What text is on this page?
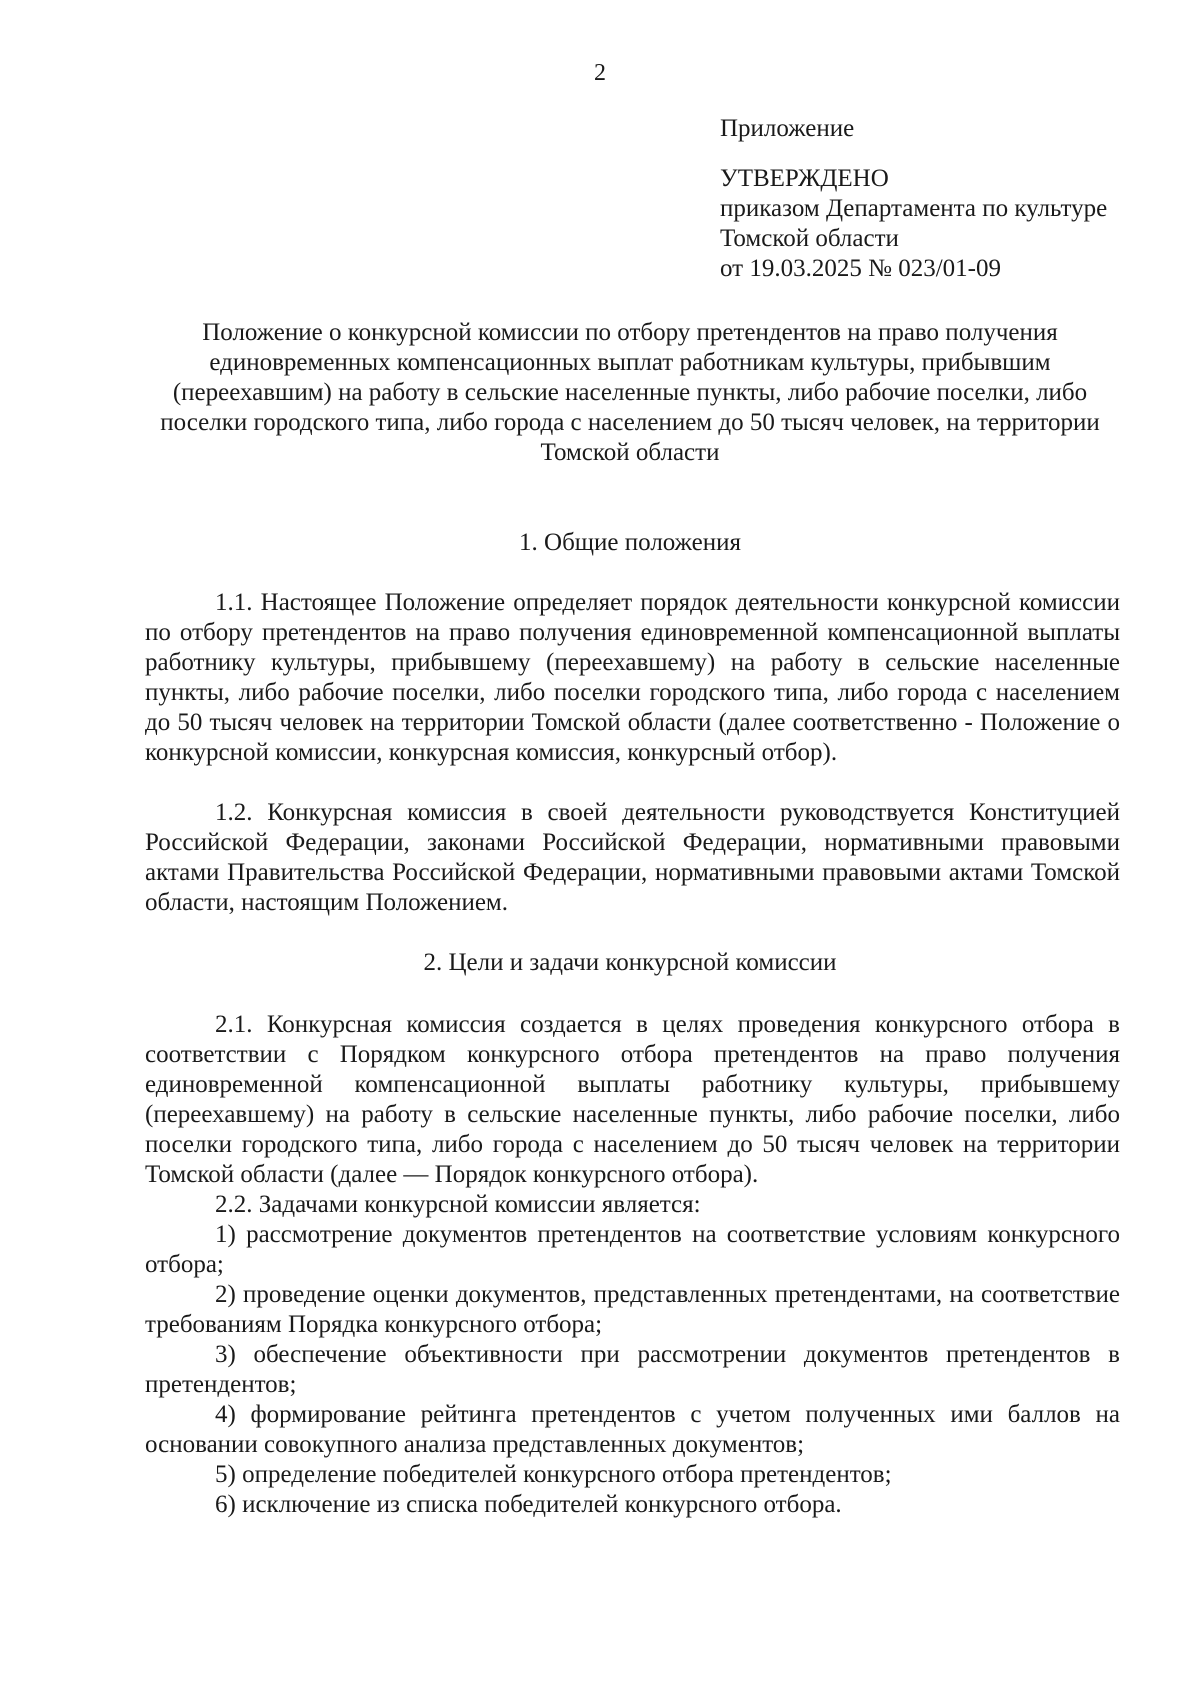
2
Приложение
УТВЕРЖДЕНО
приказом Департамента по культуре
Томской области
от 19.03.2025 № 023/01-09
Положение о конкурсной комиссии по отбору претендентов на право получения единовременных компенсационных выплат работникам культуры, прибывшим (переехавшим) на работу в сельские населенные пункты, либо рабочие поселки, либо поселки городского типа, либо города с населением до 50 тысяч человек, на территории Томской области
1. Общие положения
1.1. Настоящее Положение определяет порядок деятельности конкурсной комиссии по отбору претендентов на право получения единовременной компенсационной выплаты работнику культуры, прибывшему (переехавшему) на работу в сельские населенные пункты, либо рабочие поселки, либо поселки городского типа, либо города с населением до 50 тысяч человек на территории Томской области (далее соответственно - Положение о конкурсной комиссии, конкурсная комиссия, конкурсный отбор).
1.2. Конкурсная комиссия в своей деятельности руководствуется Конституцией Российской Федерации, законами Российской Федерации, нормативными правовыми актами Правительства Российской Федерации, нормативными правовыми актами Томской области, настоящим Положением.
2. Цели и задачи конкурсной комиссии
2.1. Конкурсная комиссия создается в целях проведения конкурсного отбора в соответствии с Порядком конкурсного отбора претендентов на право получения единовременной компенсационной выплаты работнику культуры, прибывшему (переехавшему) на работу в сельские населенные пункты, либо рабочие поселки, либо поселки городского типа, либо города с населением до 50 тысяч человек на территории Томской области (далее — Порядок конкурсного отбора).
2.2. Задачами конкурсной комиссии является:
1) рассмотрение документов претендентов на соответствие условиям конкурсного отбора;
2) проведение оценки документов, представленных претендентами, на соответствие требованиям Порядка конкурсного отбора;
3) обеспечение объективности при рассмотрении документов претендентов в претендентов;
4) формирование рейтинга претендентов с учетом полученных ими баллов на основании совокупного анализа представленных документов;
5) определение победителей конкурсного отбора претендентов;
6) исключение из списка победителей конкурсного отбора.
